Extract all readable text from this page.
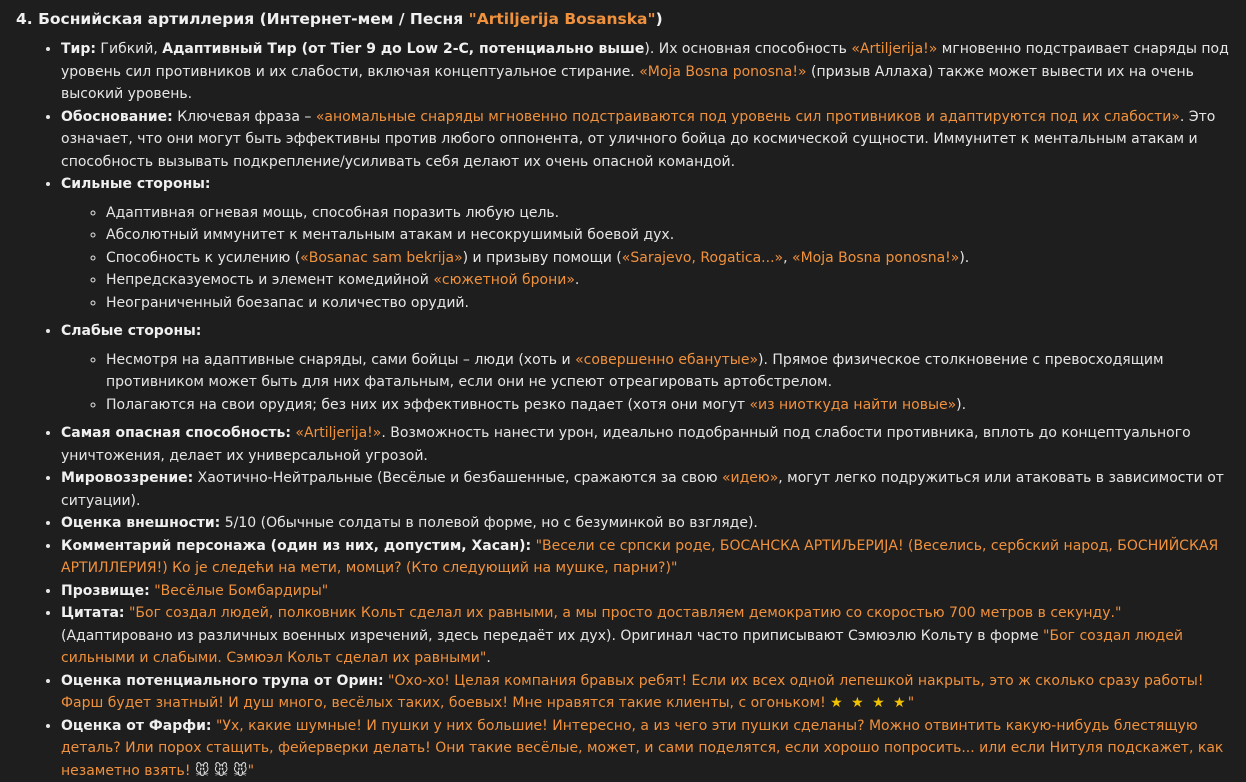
4. Боснийская артиллерия (Интернет-мем / Песня "Artiljerija Bosanska")
• Тир: Гибкий, Адаптивный Тир (от Tier 9 до Low 2-C, потенциально выше). Их основная способность «Artiljerija!» мгновенно подстраивает снаряды под уровень сил противников и их слабости, включая концептуальное стирание. «Moja Bosna ponosna!» (призыв Аллаха) также может вывести их на очень высокий уровень.
• Обоснование: Ключевая фраза – «аномальные снаряды мгновенно подстраиваются под уровень сил противников и адаптируются под их слабости». Это означает, что они могут быть эффективны против любого оппонента, от уличного бойца до космической сущности. Иммунитет к ментальным атакам и способность вызывать подкрепление/усиливать себя делают их очень опасной командой.
• Сильные стороны:
◦ Адаптивная огневая мощь, способная поразить любую цель.
◦ Абсолютный иммунитет к ментальным атакам и несокрушимый боевой дух.
◦ Способность к усилению («Bosanac sam bekrija») и призыву помощи («Sarajevo, Rogatica...», «Moja Bosna ponosna!»).
◦ Непредсказуемость и элемент комедийной «сюжетной брони».
◦ Неограниченный боезапас и количество орудий.
• Слабые стороны:
◦ Несмотря на адаптивные снаряды, сами бойцы – люди (хоть и «совершенно ебанутые»). Прямое физическое столкновение с превосходящим противником может быть для них фатальным, если они не успеют отреагировать артобстрелом.
◦ Полагаются на свои орудия; без них их эффективность резко падает (хотя они могут «из ниоткуда найти новые»).
• Самая опасная способность: «Artiljerija!». Возможность нанести урон, идеально подобранный под слабости противника, вплоть до концептуального уничтожения, делает их универсальной угрозой.
• Мировоззрение: Хаотично-Нейтральные (Весёлые и безбашенные, сражаются за свою «идею», могут легко подружиться или атаковать в зависимости от ситуации).
• Оценка внешности: 5/10 (Обычные солдаты в полевой форме, но с безуминкой во взгляде).
• Комментарий персонажа (один из них, допустим, Хасан): "Весели се српски роде, БОСАНСКА АРТИЉЕРИЈА! (Веселись, сербский народ, БОСНИЙСКАЯ АРТИЛЛЕРИЯ!) Ко је следећи на мети, момци? (Кто следующий на мушке, парни?)"
• Прозвище: "Весёлые Бомбардиры"
• Цитата: "Бог создал людей, полковник Кольт сделал их равными, а мы просто доставляем демократию со скоростью 700 метров в секунду." (Адаптировано из различных военных изречений, здесь передаёт их дух). Оригинал часто приписывают Сэмюэлю Кольту в форме "Бог создал людей сильными и слабыми. Сэмюэл Кольт сделал их равными".
• Оценка потенциального трупа от Орин: "Охо-хо! Целая компания бравых ребят! Если их всех одной лепешкой накрыть, это ж сколько сразу работы! Фарш будет знатный! И душ много, весёлых таких, боевых! Мне нравятся такие клиенты, с огоньком! ★ ★ ★ ★"
• Оценка от Фарфи: "Ух, какие шумные! И пушки у них большие! Интересно, а из чего эти пушки сделаны? Можно отвинтить какую-нибудь блестящую деталь? Или порох стащить, фейерверки делать! Они такие весёлые, может, и сами поделятся, если хорошо попросить... или если Нитуля подскажет, как незаметно взять! 🐭 🐭 🐭"
